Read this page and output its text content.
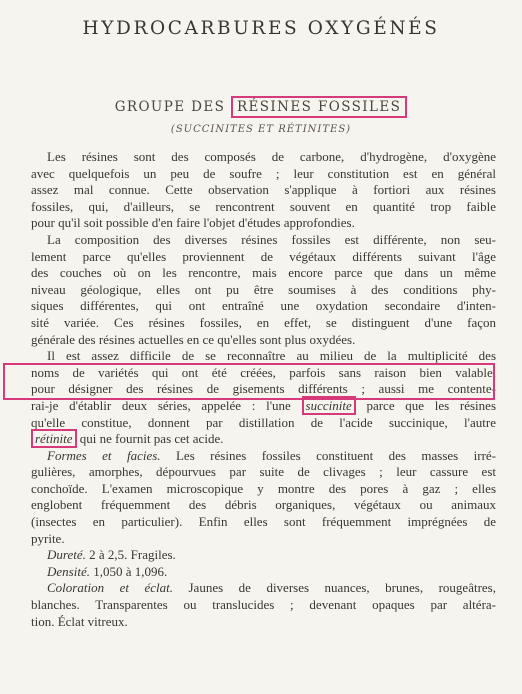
HYDROCARBURES OXYGÉNÉS
GROUPE DES RÉSINES FOSSILES
(SUCCINITES ET RÉTINITES)
Les résines sont des composés de carbone, d'hydrogène, d'oxygène
avec quelquefois un peu de soufre ; leur constitution est en général
assez mal connue. Cette observation s'applique à fortiori aux résines
fossiles, qui, d'ailleurs, se rencontrent souvent en quantité trop faible
pour qu'il soit possible d'en faire l'objet d'études approfondies.
La composition des diverses résines fossiles est différente, non seu-
lement parce qu'elles proviennent de végétaux différents suivant l'âge
des couches où on les rencontre, mais encore parce que dans un même
niveau géologique, elles ont pu être soumises à des conditions phy-
siques différentes, qui ont entraîné une oxydation secondaire d'inten-
sité variée. Ces résines fossiles, en effet, se distinguent d'une façon
générale des résines actuelles en ce qu'elles sont plus oxydées.
Il est assez difficile de se reconnaître au milieu de la multiplicité des
noms de variétés qui ont été créées, parfois sans raison bien valable,
pour désigner des résines de gisements différents ; aussi me contente-
rai-je d'établir deux séries, appelée : l'une succinite parce que les résines
qu'elle constitue, donnent par distillation de l'acide succinique, l'autre
rétinite qui ne fournit pas cet acide.
Formes et facies. Les résines fossiles constituent des masses irré-
gulières, amorphes, dépourvues par suite de clivages ; leur cassure est
conchoïde. L'examen microscopique y montre des pores à gaz ; elles
englobent fréquemment des débris organiques, végétaux ou animaux
(insectes en particulier). Enfin elles sont fréquemment imprégnées de
pyrite.
Dureté. 2 à 2,5. Fragiles.
Densité. 1,050 à 1,096.
Coloration et éclat. Jaunes de diverses nuances, brunes, rougeâtres,
blanches. Transparentes ou translucides ; devenant opaques par altéra-
tion. Éclat vitreux.
